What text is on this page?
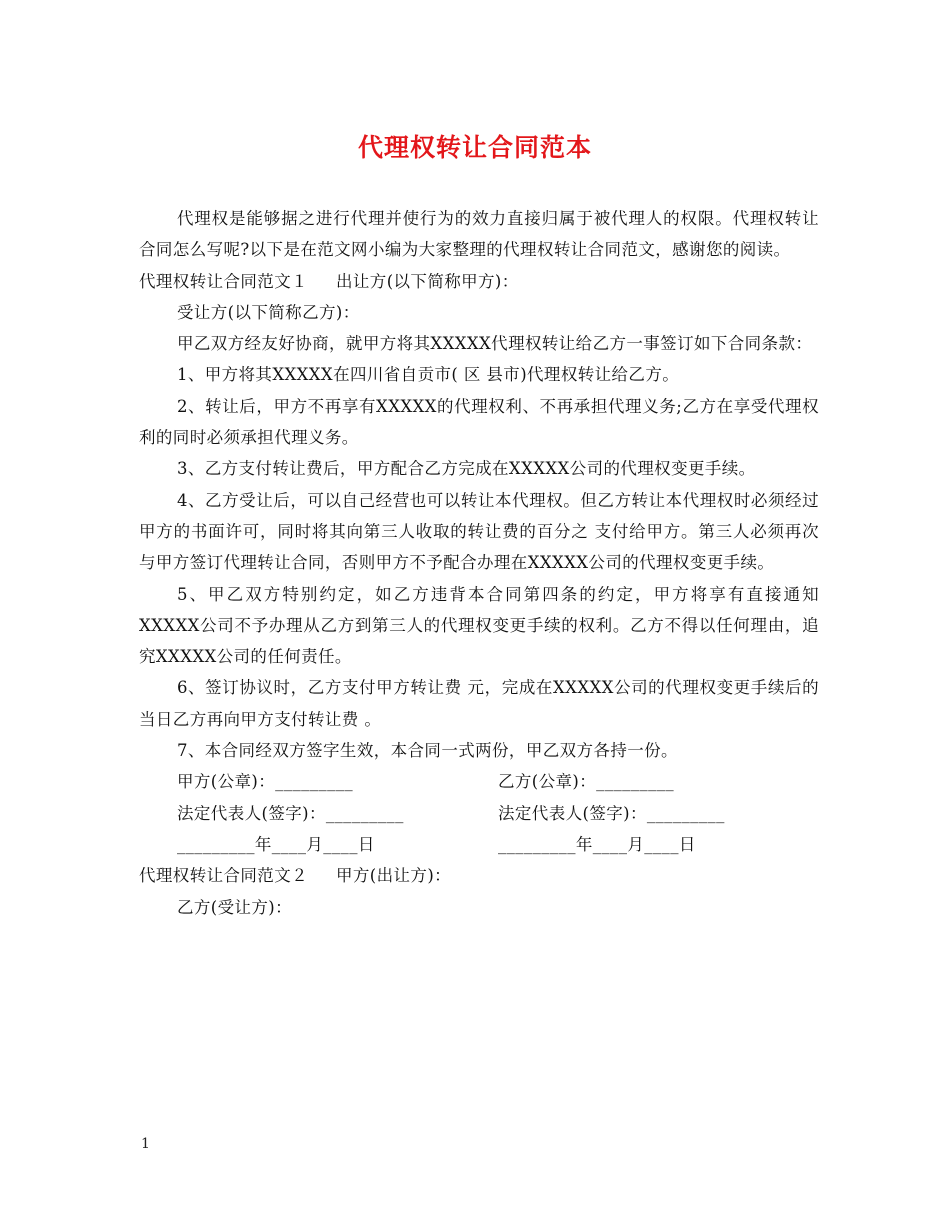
代理权转让合同范本

代理权是能够据之进行代理并使行为的效力直接归属于被代理人的权限。代理权转让合同怎么写呢?以下是在范文网小编为大家整理的代理权转让合同范文，感谢您的阅读。

代理权转让合同范文１ 出让方(以下简称甲方)：

受让方(以下简称乙方)：

甲乙双方经友好协商，就甲方将其XXXXX代理权转让给乙方一事签订如下合同条款：

1、甲方将其XXXXX在四川省自贡市( 区 县市)代理权转让给乙方。

2、转让后，甲方不再享有XXXXX的代理权利、不再承担代理义务;乙方在享受代理权利的同时必须承担代理义务。

3、乙方支付转让费后，甲方配合乙方完成在XXXXX公司的代理权变更手续。

4、乙方受让后，可以自己经营也可以转让本代理权。但乙方转让本代理权时必须经过甲方的书面许可，同时将其向第三人收取的转让费的百分之 支付给甲方。第三人必须再次与甲方签订代理转让合同，否则甲方不予配合办理在XXXXX公司的代理权变更手续。

5、甲乙双方特别约定，如乙方违背本合同第四条的约定，甲方将享有直接通知XXXXX公司不予办理从乙方到第三人的代理权变更手续的权利。乙方不得以任何理由，追究XXXXX公司的任何责任。

6、签订协议时，乙方支付甲方转让费 元，完成在XXXXX公司的代理权变更手续后的当日乙方再向甲方支付转让费 。

7、本合同经双方签字生效，本合同一式两份，甲乙双方各持一份。

甲方(公章)：_________	乙方(公章)：_________
法定代表人(签字)：_________	法定代表人(签字)：_________
_________年____月____日	_________年____月____日

代理权转让合同范文２ 甲方(出让方)：

乙方(受让方)：

1
